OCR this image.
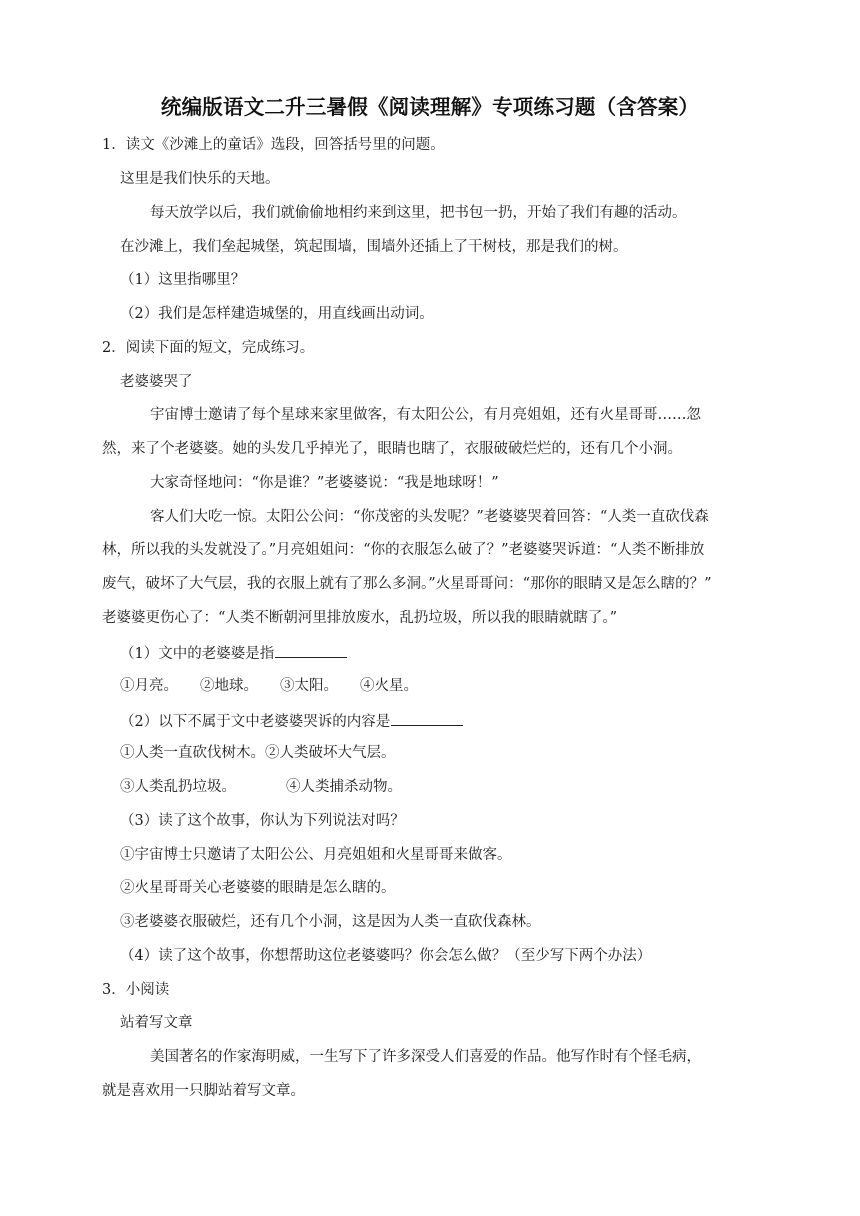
统编版语文二升三暑假《阅读理解》专项练习题（含答案）
1．读文《沙滩上的童话》选段，回答括号里的问题。
这里是我们快乐的天地。
每天放学以后，我们就偷偷地相约来到这里，把书包一扔，开始了我们有趣的活动。
在沙滩上，我们垒起城堡，筑起围墙，围墙外还插上了干树枝，那是我们的树。
（1）这里指哪里？
（2）我们是怎样建造城堡的，用直线画出动词。
2．阅读下面的短文，完成练习。
老婆婆哭了
宇宙博士邀请了每个星球来家里做客，有太阳公公，有月亮姐姐，还有火星哥哥……忽
然，来了个老婆婆。她的头发几乎掉光了，眼睛也瞎了，衣服破破烂烂的，还有几个小洞。
大家奇怪地问：“你是谁？”老婆婆说：“我是地球呀！”
客人们大吃一惊。太阳公公问：“你茂密的头发呢？”老婆婆哭着回答：“人类一直砍伐森
林，所以我的头发就没了。”月亮姐姐问：“你的衣服怎么破了？”老婆婆哭诉道：“人类不断排放
废气，破坏了大气层，我的衣服上就有了那么多洞。”火星哥哥问：“那你的眼睛又是怎么瞎的？”
老婆婆更伤心了：“人类不断朝河里排放废水，乱扔垃圾，所以我的眼睛就瞎了。”
（1）文中的老婆婆是指
①月亮。 ②地球。 ③太阳。 ④火星。
（2）以下不属于文中老婆婆哭诉的内容是
①人类一直砍伐树木。②人类破坏大气层。
③人类乱扔垃圾。	④人类捕杀动物。
（3）读了这个故事，你认为下列说法对吗？
①宇宙博士只邀请了太阳公公、月亮姐姐和火星哥哥来做客。
②火星哥哥关心老婆婆的眼睛是怎么瞎的。
③老婆婆衣服破烂，还有几个小洞，这是因为人类一直砍伐森林。
（4）读了这个故事，你想帮助这位老婆婆吗？你会怎么做？（至少写下两个办法）
3．小阅读
站着写文章
美国著名的作家海明威，一生写下了许多深受人们喜爱的作品。他写作时有个怪毛病，
就是喜欢用一只脚站着写文章。
